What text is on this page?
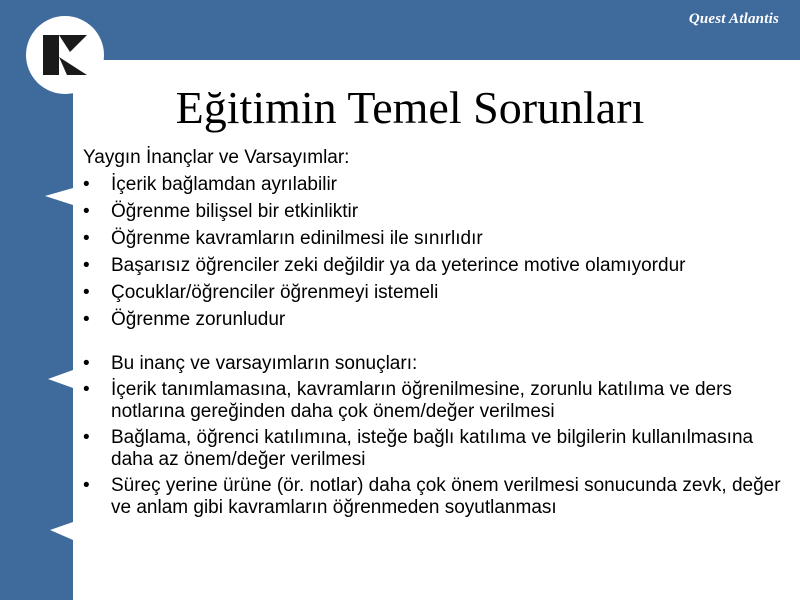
Quest Atlantis
Eğitimin Temel Sorunları

Yaygın İnançlar ve Varsayımlar:

• İçerik bağlamdan ayrılabilir
• Öğrenme bilişsel bir etkinliktir
• Öğrenme kavramların edinilmesi ile sınırlıdır
• Başarısız öğrenciler zeki değildir ya da yeterince motive olamıyordur
• Çocuklar/öğrenciler öğrenmeyi istemeli
• Öğrenme zorunludur
• Bu inanç ve varsayımların sonuçları:
• İçerik tanımlamasına, kavramların öğrenilmesine, zorunlu katılıma ve ders notlarına gereğinden daha çok önem/değer verilmesi
• Bağlama, öğrenci katılımına, isteğe bağlı katılıma ve bilgilerin kullanılmasına daha az önem/değer verilmesi
• Süreç yerine ürüne (ör. notlar) daha çok önem verilmesi sonucunda zevk, değer ve anlam gibi kavramların öğrenmeden soyutlanması
